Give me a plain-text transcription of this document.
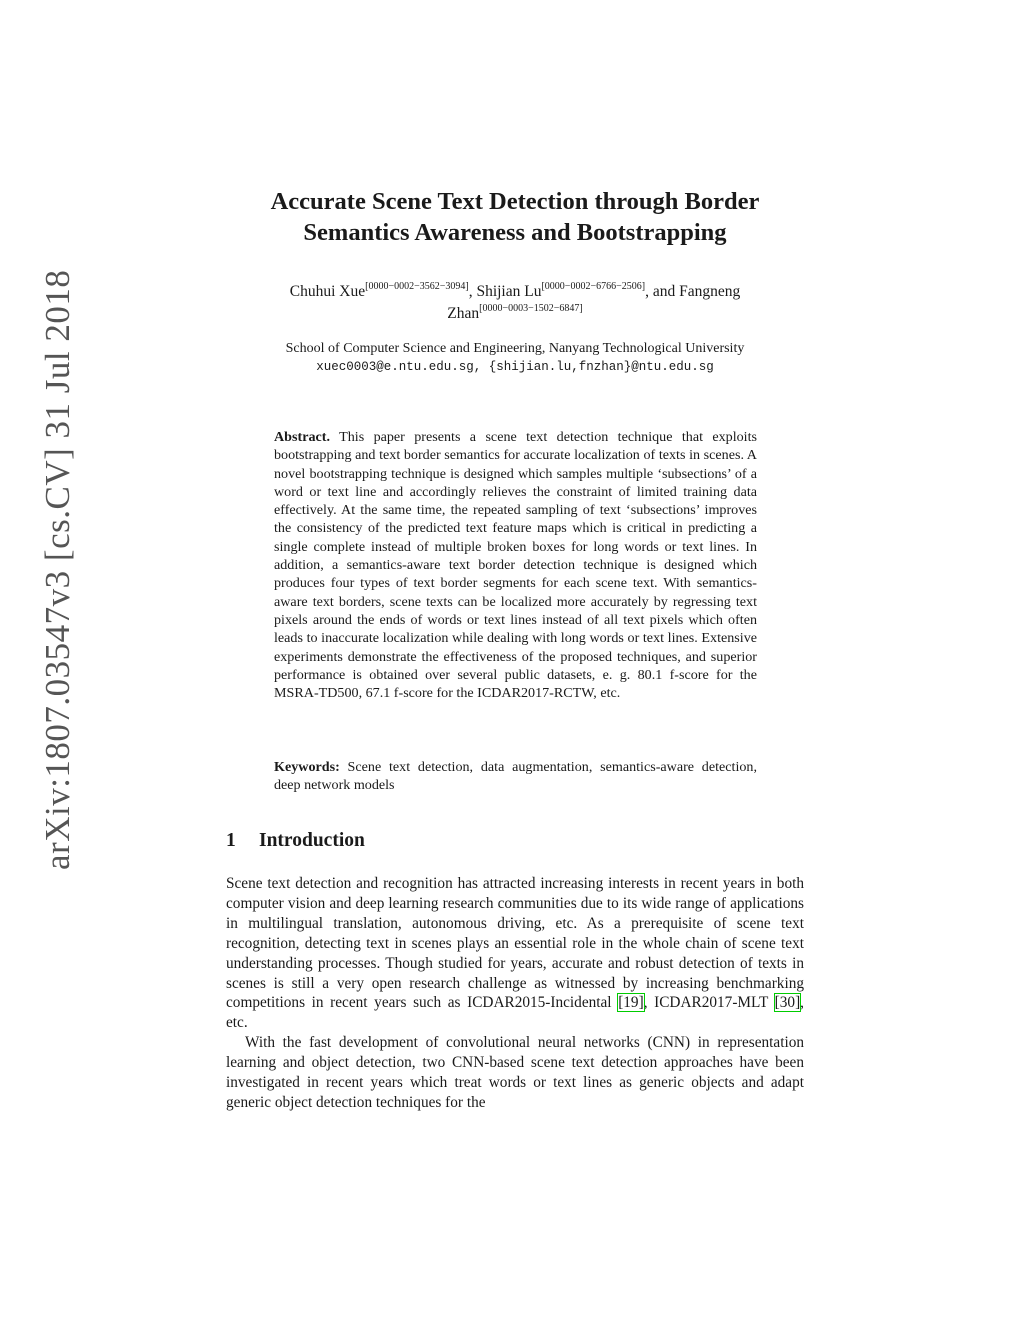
arXiv:1807.03547v3 [cs.CV] 31 Jul 2018
Accurate Scene Text Detection through Border Semantics Awareness and Bootstrapping
Chuhui Xue[0000−0002−3562−3094], Shijian Lu[0000−0002−6766−2506], and Fangneng Zhan[0000−0003−1502−6847]
School of Computer Science and Engineering, Nanyang Technological University
xuec0003@e.ntu.edu.sg, {shijian.lu,fnzhan}@ntu.edu.sg
Abstract. This paper presents a scene text detection technique that exploits bootstrapping and text border semantics for accurate localization of texts in scenes. A novel bootstrapping technique is designed which samples multiple ‘subsections’ of a word or text line and accordingly relieves the constraint of limited training data effectively. At the same time, the repeated sampling of text ‘subsections’ improves the consistency of the predicted text feature maps which is critical in predicting a single complete instead of multiple broken boxes for long words or text lines. In addition, a semantics-aware text border detection technique is designed which produces four types of text border segments for each scene text. With semantics-aware text borders, scene texts can be localized more accurately by regressing text pixels around the ends of words or text lines instead of all text pixels which often leads to inaccurate localization while dealing with long words or text lines. Extensive experiments demonstrate the effectiveness of the proposed techniques, and superior performance is obtained over several public datasets, e. g. 80.1 f-score for the MSRA-TD500, 67.1 f-score for the ICDAR2017-RCTW, etc.
Keywords: Scene text detection, data augmentation, semantics-aware detection, deep network models
1 Introduction

Scene text detection and recognition has attracted increasing interests in recent years in both computer vision and deep learning research communities due to its wide range of applications in multilingual translation, autonomous driving, etc. As a prerequisite of scene text recognition, detecting text in scenes plays an essential role in the whole chain of scene text understanding processes. Though studied for years, accurate and robust detection of texts in scenes is still a very open research challenge as witnessed by increasing benchmarking competitions in recent years such as ICDAR2015-Incidental [19], ICDAR2017-MLT [30], etc.

With the fast development of convolutional neural networks (CNN) in representation learning and object detection, two CNN-based scene text detection approaches have been investigated in recent years which treat words or text lines as generic objects and adapt generic object detection techniques for the
